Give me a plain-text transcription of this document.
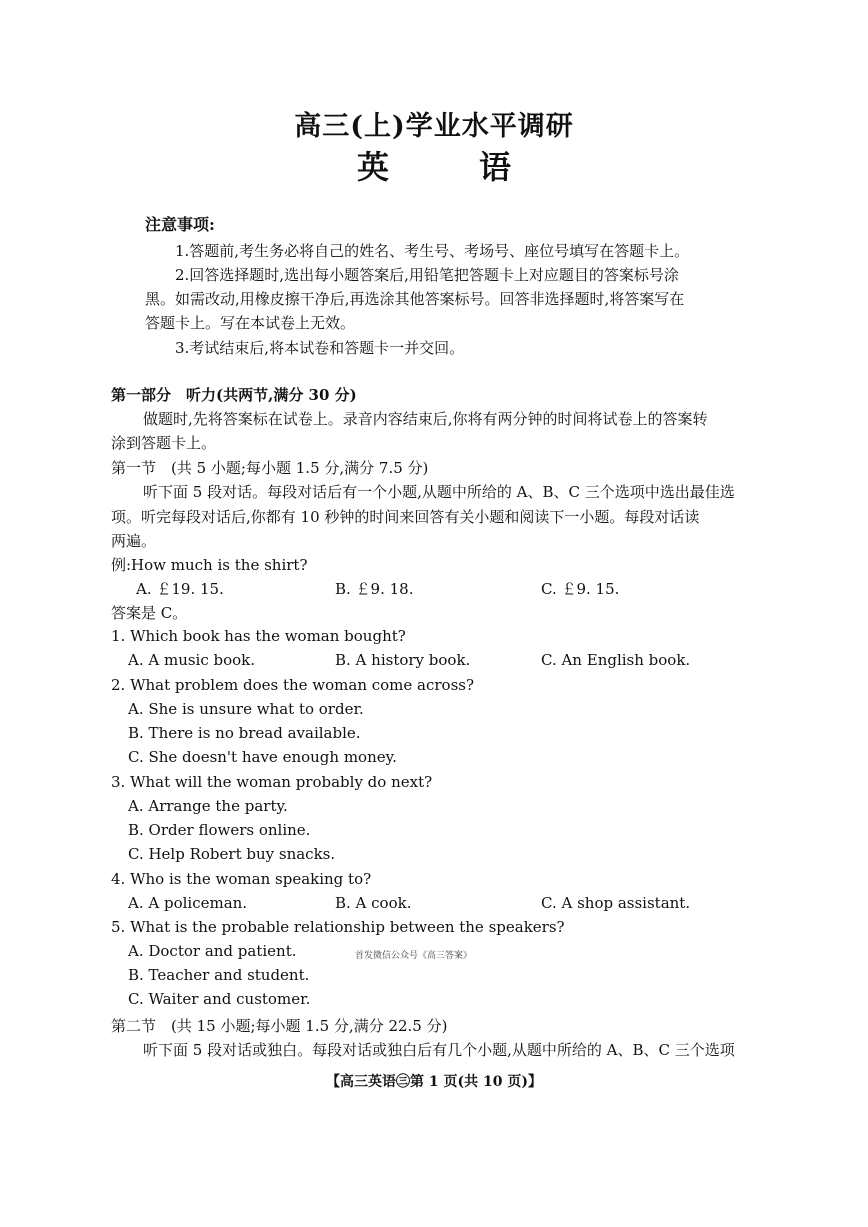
高三(上)学业水平调研
英	语
注意事项:
1.答题前,考生务必将自己的姓名、考生号、考场号、座位号填写在答题卡上。
2.回答选择题时,选出每小题答案后,用铅笔把答题卡上对应题目的答案标号涂
黑。如需改动,用橡皮擦干净后,再选涂其他答案标号。回答非选择题时,将答案写在
答题卡上。写在本试卷上无效。
3.考试结束后,将本试卷和答题卡一并交回。
第一部分　听力(共两节,满分 30 分)
做题时,先将答案标在试卷上。录音内容结束后,你将有两分钟的时间将试卷上的答案转
涂到答题卡上。
第一节　(共 5 小题;每小题 1.5 分,满分 7.5 分)
听下面 5 段对话。每段对话后有一个小题,从题中所给的 A、B、C 三个选项中选出最佳选
项。听完每段对话后,你都有 10 秒钟的时间来回答有关小题和阅读下一小题。每段对话读
两遍。
例:How much is the shirt?
A. ￡19. 15.	B. ￡9. 18.	C. ￡9. 15.
答案是 C。
1. Which book has the woman bought?
A. A music book.	B. A history book.	C. An English book.
2. What problem does the woman come across?
A. She is unsure what to order.
B. There is no bread available.
C. She doesn't have enough money.
3. What will the woman probably do next?
A. Arrange the party.
B. Order flowers online.
C. Help Robert buy snacks.
4. Who is the woman speaking to?
A. A policeman.	B. A cook.	C. A shop assistant.
5. What is the probable relationship between the speakers?
A. Doctor and patient.	首发微信公众号《高三答案》
B. Teacher and student.
C. Waiter and customer.
第二节　(共 15 小题;每小题 1.5 分,满分 22.5 分)
听下面 5 段对话或独白。每段对话或独白后有几个小题,从题中所给的 A、B、C 三个选项
【高三英语㊂第 1 页(共 10 页)】
